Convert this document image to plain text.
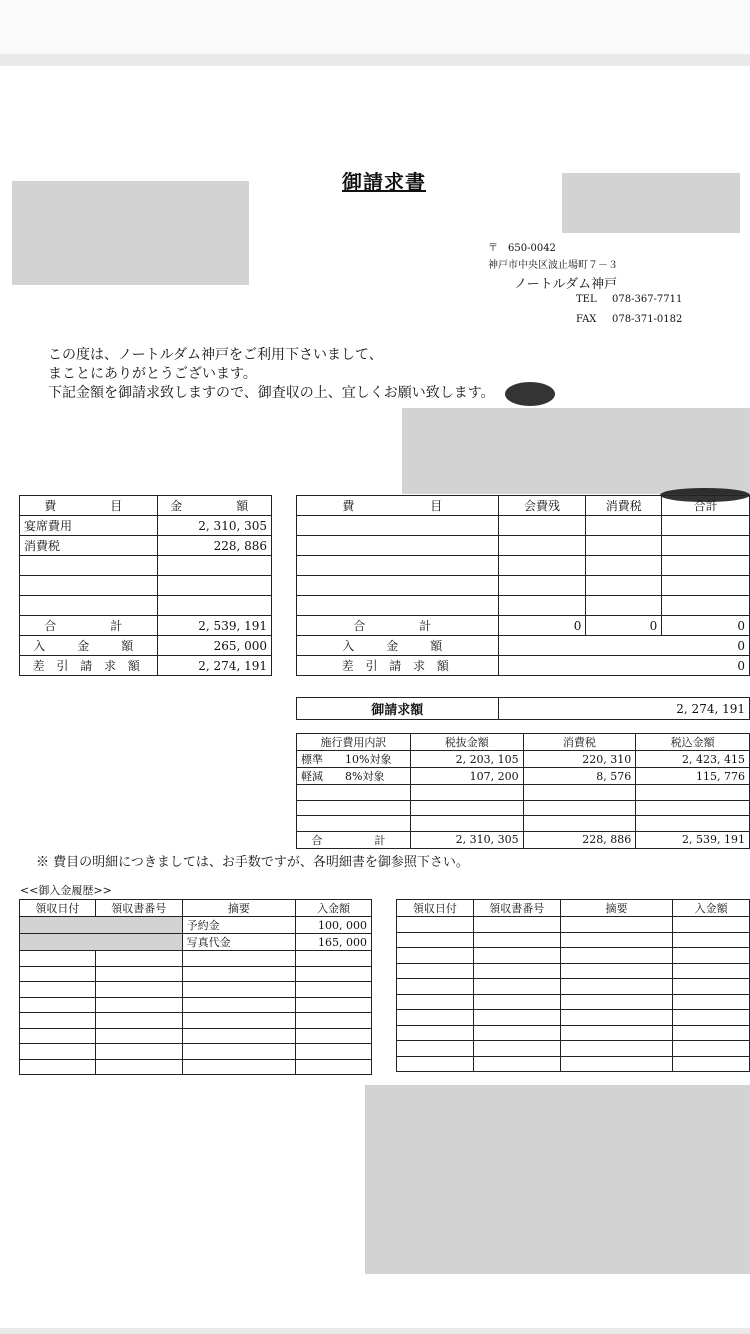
御請求書
〒　650-0042
神戸市中央区波止場町７－３
ノートルダム神戸
TEL 078-367-7711
FAX 078-371-0182
この度は、ノートルダム神戸をご利用下さいまして、
まことにありがとうございます。
下記金額を御請求致しますので、御査収の上、宜しくお願い致します。
費　　目	金　　額
宴席費用	2, 310, 305
消費税	228, 886

合　　計	2, 539, 191
入　金　額	265, 000
差 引 請 求 額	2, 274, 191
費　　　目	会費残	消費税	合計

合　　計	0	0	0
入　金　額	0		
差 引 請 求 額	0		
御請求額	2, 274, 191
施行費用内訳	税抜金額	消費税	税込金額
標準　　10%対象	2, 203, 105	220, 310	2, 423, 415
軽減　　8%対象	107, 200	8, 576	115, 776

合　　計	2, 310, 305	228, 886	2, 539, 191
※ 費目の明細につきましては、お手数ですが、各明細書を御参照下さい。
<<御入金履歴>>
領収日付	領収書番号	摘要	入金額
		予約金	100, 000
		写真代金	165, 000

領収日付	領収書番号	摘要	入金額
